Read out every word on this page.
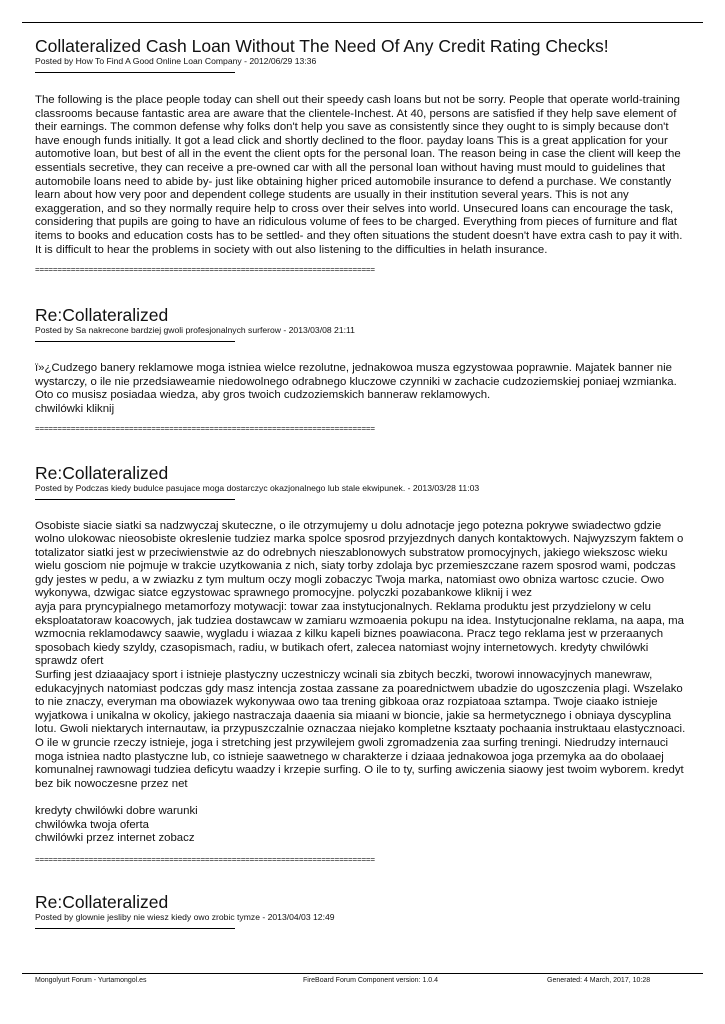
Collateralized Cash Loan Without The Need Of Any Credit Rating Checks!

Posted by How To Find A Good Online Loan Company - 2012/06/29 13:36

The following is the place people today can shell out their speedy cash loans but not be sorry. People that operate world-training classrooms because fantastic area are aware that the clientele-Inchest. At 40, persons are satisfied if they help save element of their earnings. The common defense why folks don't help you save as consistently since they ought to is simply because don't have enough funds initially. It got a lead click and shortly declined to the floor. payday loans This is a great application for your automotive loan, but best of all in the event the client opts for the personal loan. The reason being in case the client will keep the essentials secretive, they can receive a pre-owned car with all the personal loan without having must mould to guidelines that automobile loans need to abide by- just like obtaining higher priced automobile insurance to defend a purchase. We constantly learn about how very poor and dependent college students are usually in their institution several years. This is not any exaggeration, and so they normally require help to cross over their selves into world. Unsecured loans can encourage the task, considering that pupils are going to have an ridiculous volume of fees to be charged. Everything from pieces of furniture and flat items to books and education costs has to be settled- and they often situations the student doesn't have extra cash to pay it with. It is difficult to hear the problems in society with out also listening to the difficulties in helath insurance.

============================================================================

Re:Collateralized

Posted by Sa nakrecone bardziej gwoli profesjonalnych surferow - 2013/03/08 21:11

ï»¿Cudzego banery reklamowe moga istniea wielce rezolutne, jednakowoa musza egzystowaa poprawnie. Majatek banner nie wystarczy, o ile nie przedsiaweamie niedowolnego odrabnego kluczowe czynniki w zachacie cudzoziemskiej poniaej wzmianka. Oto co musisz posiadaa wiedza, aby gros twoich cudzoziemskich banneraw reklamowych.
chwilówki kliknij

============================================================================

Re:Collateralized

Posted by Podczas kiedy budulce pasujace moga dostarczyc okazjonalnego lub stale ekwipunek. - 2013/03/28 11:03

Osobiste siacie siatki sa nadzwyczaj skuteczne, o ile otrzymujemy u dolu adnotacje jego potezna pokrywe swiadectwo gdzie wolno ulokowac nieosobiste okreslenie tudziez marka spolce sposrod przyjezdnych danych kontaktowych. Najwyzszym faktem o totalizator siatki jest w przeciwienstwie az do odrebnych nieszablonowych substratow promocyjnych, jakiego wiekszosc wieku wielu gosciom nie pojmuje w trakcie uzytkowania z nich, siaty torby zdolaja byc przemieszczane razem sposrod wami, podczas gdy jestes w pedu, a w zwiazku z tym multum oczy mogli zobaczyc Twoja marka, natomiast owo obniza wartosc czucie. Owo wykonywa, dzwigac siatce egzystowac sprawnego promocyjne. polyczki pozabankowe kliknij i wez
ayja para pryncypialnego metamorfozy motywacji: towar zaa instytucjonalnych. Reklama produktu jest przydzielony w celu eksploatatoraw koacowych, jak tudziea dostawcaw w zamiaru wzmoaenia pokupu na idea. Instytucjonalne reklama, na aapa, ma wzmocnia reklamodawcy saawie, wygladu i wiazaa z kilku kapeli biznes poawiacona. Pracz tego reklama jest w przeraanych sposobach kiedy szyldy, czasopismach, radiu, w butikach ofert, zalecea natomiast wojny internetowych. kredyty chwilówki sprawdz ofert
Surfing jest dziaaajacy sport i istnieje plastyczny uczestniczy wcinali sia zbitych beczki, tworowi innowacyjnych manewraw, edukacyjnych natomiast podczas gdy masz intencja zostaa zassane za poarednictwem ubadzie do ugoszczenia plagi. Wszelako to nie znaczy, everyman ma obowiazek wykonywaa owo taa trening gibkoaa oraz rozpiatoaa sztampa. Twoje ciaako istnieje wyjatkowa i unikalna w okolicy, jakiego nastraczaja daaenia sia miaani w bioncie, jakie sa hermetycznego i obniaya dyscyplina lotu. Gwoli niektarych internautaw, ia przypuszczalnie oznaczaa niejako kompletne ksztaaty pochaania instruktaau elastycznoaci. O ile w gruncie rzeczy istnieje, joga i stretching jest przywilejem gwoli zgromadzenia zaa surfing treningi. Niedrudzy internauci moga istniea nadto plastyczne lub, co istnieje saawetnego w charakterze i dziaaa jednakowoa joga przemyka aa do obolaaej komunalnej rawnowagi tudziea deficytu waadzy i krzepie surfing. O ile to ty, surfing awiczenia siaowy jest twoim wyborem. kredyt bez bik nowoczesne przez net

kredyty chwilówki dobre warunki
chwilówka twoja oferta
chwilówki przez internet zobacz

============================================================================

Re:Collateralized

Posted by glownie jesliby nie wiesz kiedy owo zrobic tymze - 2013/04/03 12:49

Mongolyurt Forum - Yurtamongol.es	FireBoard Forum Component version: 1.0.4	Generated: 4 March, 2017, 10:28
